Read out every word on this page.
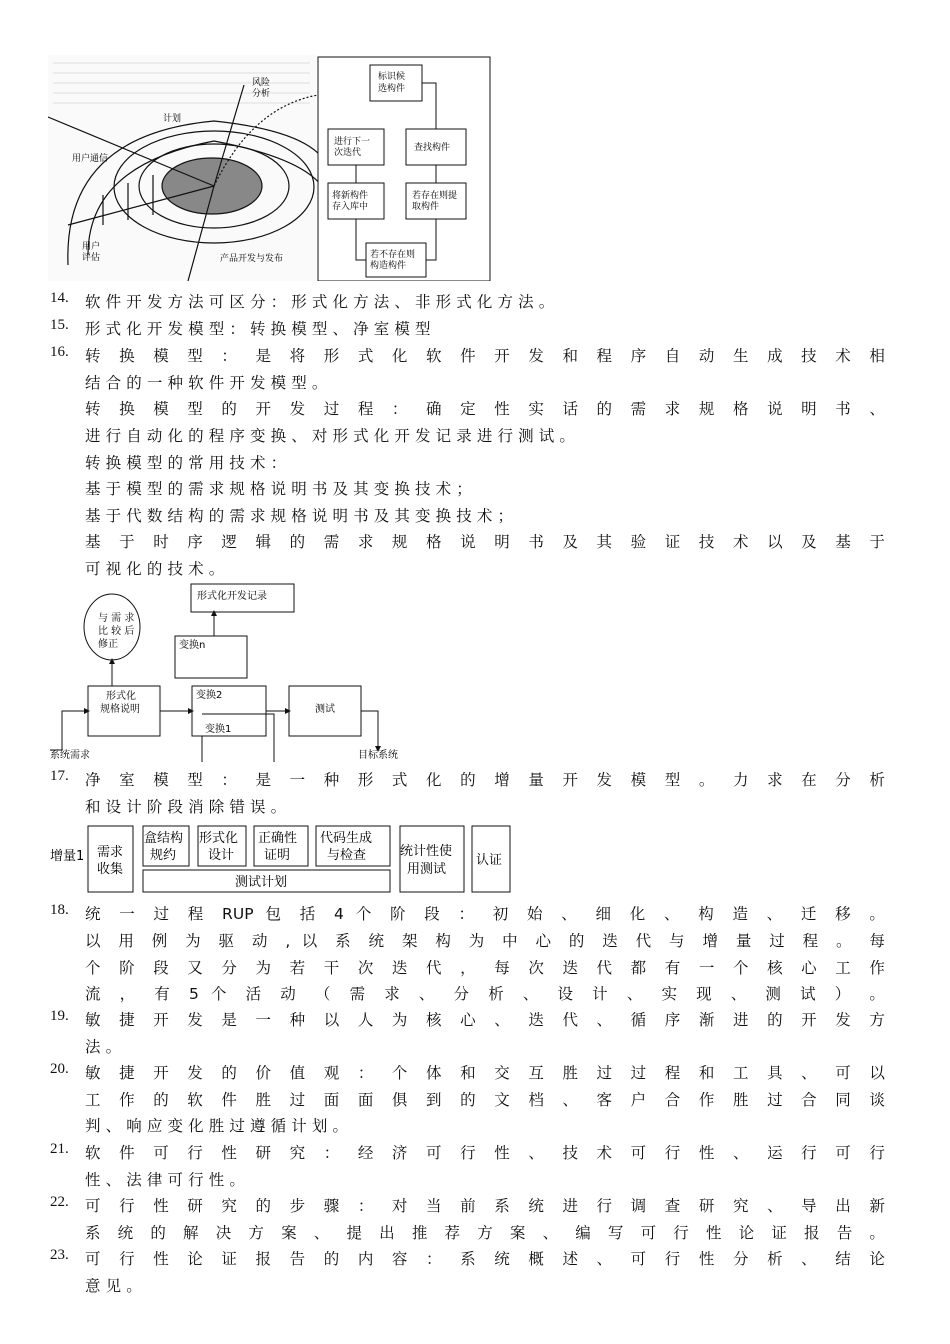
计划
风险
分析
用户通信
用户
评估	产品开发与发布
标识候
选构件
查找构件
若存在则提
取构件
若不存在则
构造构件
将新构件
存入库中
进行下一
次迭代
14. 软 件 开 发 方 法 可 区 分 ： 形 式 化 方 法 、 非 形 式 化 方 法 。
15. 形 式 化 开 发 模 型 ： 转 换 模 型 、 净 室 模 型
16. 转 换 模 型 ： 是 将 形 式 化 软 件 开 发 和 程 序 自 动 生 成 技 术 相
结 合 的 一 种 软 件 开 发 模 型 。
转 换 模 型 的 开 发 过 程 ： 确 定 性 实 话 的 需 求 规 格 说 明 书 、
进 行 自 动 化 的 程 序 变 换 、 对 形 式 化 开 发 记 录 进 行 测 试 。
转 换 模 型 的 常 用 技 术 ：
基 于 模 型 的 需 求 规 格 说 明 书 及 其 变 换 技 术 ；
基 于 代 数 结 构 的 需 求 规 格 说 明 书 及 其 变 换 技 术 ；
基 于 时 序 逻 辑 的 需 求 规 格 说 明 书 及 其 验 证 技 术 以 及 基 于
可 视 化 的 技 术 。
与 需 求
比 较 后
修正
形式化开发记录
变换n
形式化
规格说明
变换2
变换1
测试
系统需求	目标系统
17. 净 室 模 型 ： 是 一 种 形 式 化 的 增 量 开 发 模 型 。 力 求 在 分 析
和 设 计 阶 段 消 除 错 误 。
增量1 需求
收集
盒结构
规约
形式化
设计
正确性
证明
代码生成
与检查
测试计划
统计性使
用测试
认证
18. 统 一 过 程 RUP 包 括 4 个 阶 段 ： 初 始 、 细 化 、 构 造 、 迁 移 。
以 用 例 为 驱 动 , 以 系 统 架 构 为 中 心 的 迭 代 与 增 量 过 程 。 每
个 阶 段 又 分 为 若 干 次 迭 代 ， 每 次 迭 代 都 有 一 个 核 心 工 作
流 ， 有 5 个 活 动 （ 需 求 、 分 析 、 设 计 、 实 现 、 测 试 ） 。
19. 敏 捷 开 发 是 一 种 以 人 为 核 心 、 迭 代 、 循 序 渐 进 的 开 发 方
法 。
20. 敏 捷 开 发 的 价 值 观 ： 个 体 和 交 互 胜 过 过 程 和 工 具 、 可 以
工 作 的 软 件 胜 过 面 面 俱 到 的 文 档 、 客 户 合 作 胜 过 合 同 谈
判 、 响 应 变 化 胜 过 遵 循 计 划 。
21. 软 件 可 行 性 研 究 ： 经 济 可 行 性 、 技 术 可 行 性 、 运 行 可 行
性 、 法 律 可 行 性 。
22. 可 行 性 研 究 的 步 骤 ： 对 当 前 系 统 进 行 调 查 研 究 、 导 出 新
系 统 的 解 决 方 案 、 提 出 推 荐 方 案 、 编 写 可 行 性 论 证 报 告 。
23. 可 行 性 论 证 报 告 的 内 容 ： 系 统 概 述 、 可 行 性 分 析 、 结 论
意 见 。
